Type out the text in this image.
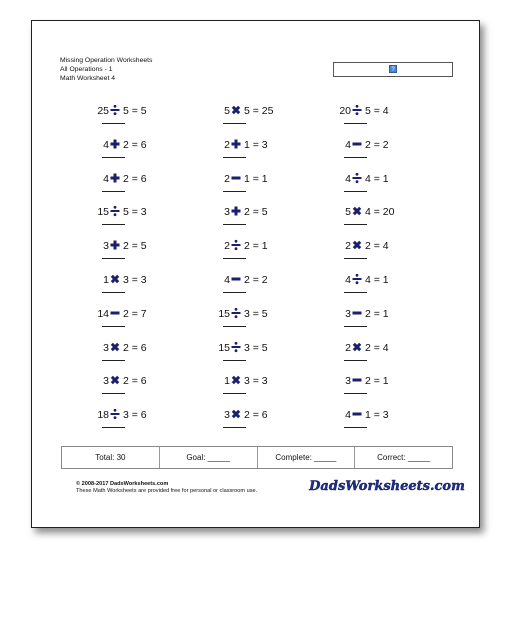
Missing Operation Worksheets
All Operations - 1
Math Worksheet 4
?
25 5 = 5	5 5 = 25	20 5 = 4
4 2 = 6	2 1 = 3	4 2 = 2
4 2 = 6	2 1 = 1	4 4 = 1
15 5 = 3	3 2 = 5	5 4 = 20
3 2 = 5	2 2 = 1	2 2 = 4
1 3 = 3	4 2 = 2	4 4 = 1
14 2 = 7	15 3 = 5	3 2 = 1
3 2 = 6	15 3 = 5	2 2 = 4
3 2 = 6	1 3 = 3	3 2 = 1
18 3 = 6	3 2 = 6	4 1 = 3
Total: 30	Goal: _____	Complete: _____	Correct: _____
© 2008-2017 DadsWorksheets.com
These Math Worksheets are provided free for personal or classroom use.	DadsWorksheets.com
